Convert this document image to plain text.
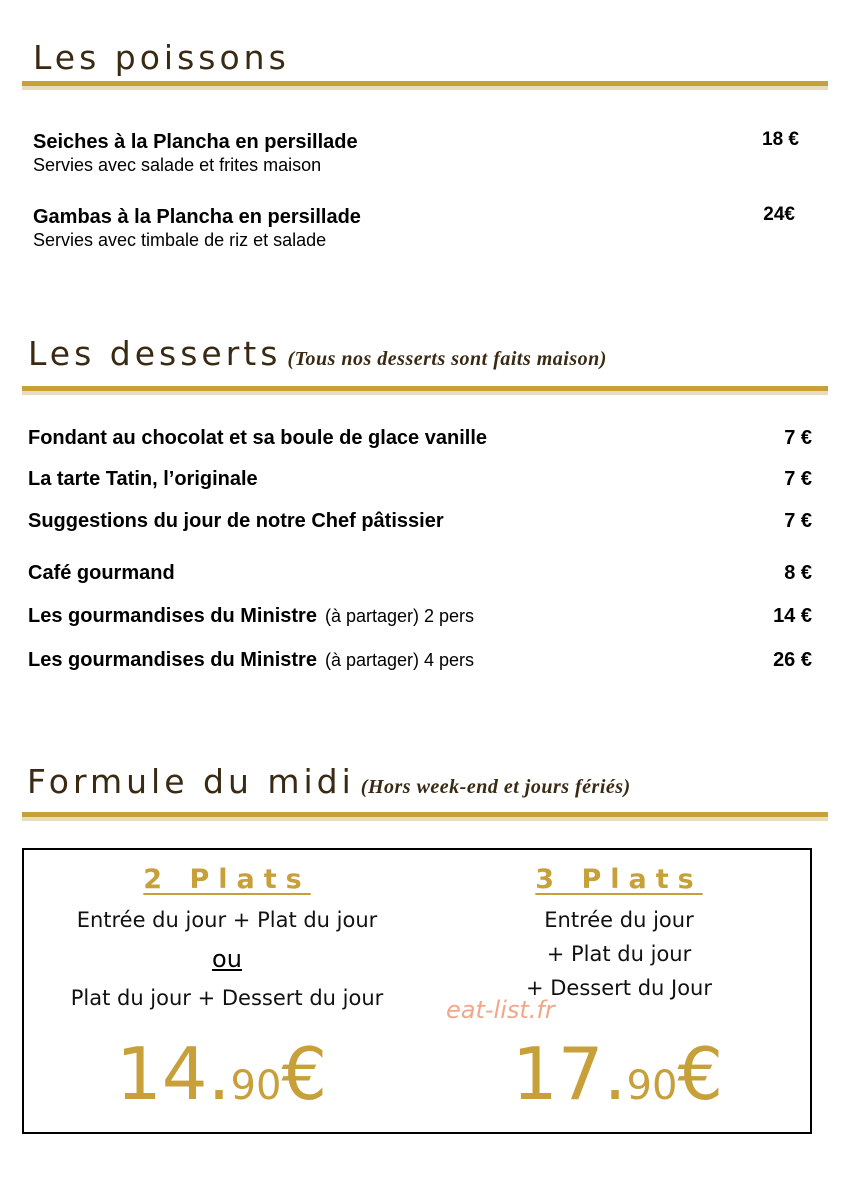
Les poissons
Seiches à la Plancha en persillade
Servies avec salade et frites maison
18 €
Gambas à la Plancha en persillade
Servies avec timbale de riz et salade
24€
Les desserts (Tous nos desserts sont faits maison)
Fondant au chocolat et sa boule de glace vanille	7 €
La tarte Tatin, l’originale	7 €
Suggestions du jour de notre Chef pâtissier	7 €
Café gourmand	8 €
Les gourmandises du Ministre (à partager) 2 pers	14 €
Les gourmandises du Ministre (à partager) 4 pers	26 €
Formule du midi (Hors week-end et jours fériés)
2 Plats
Entrée du jour + Plat du jour
ou
Plat du jour + Dessert du jour
3 Plats
Entrée du jour
+ Plat du jour
+ Dessert du Jour
14.90€	17.90€
eat-list.fr
